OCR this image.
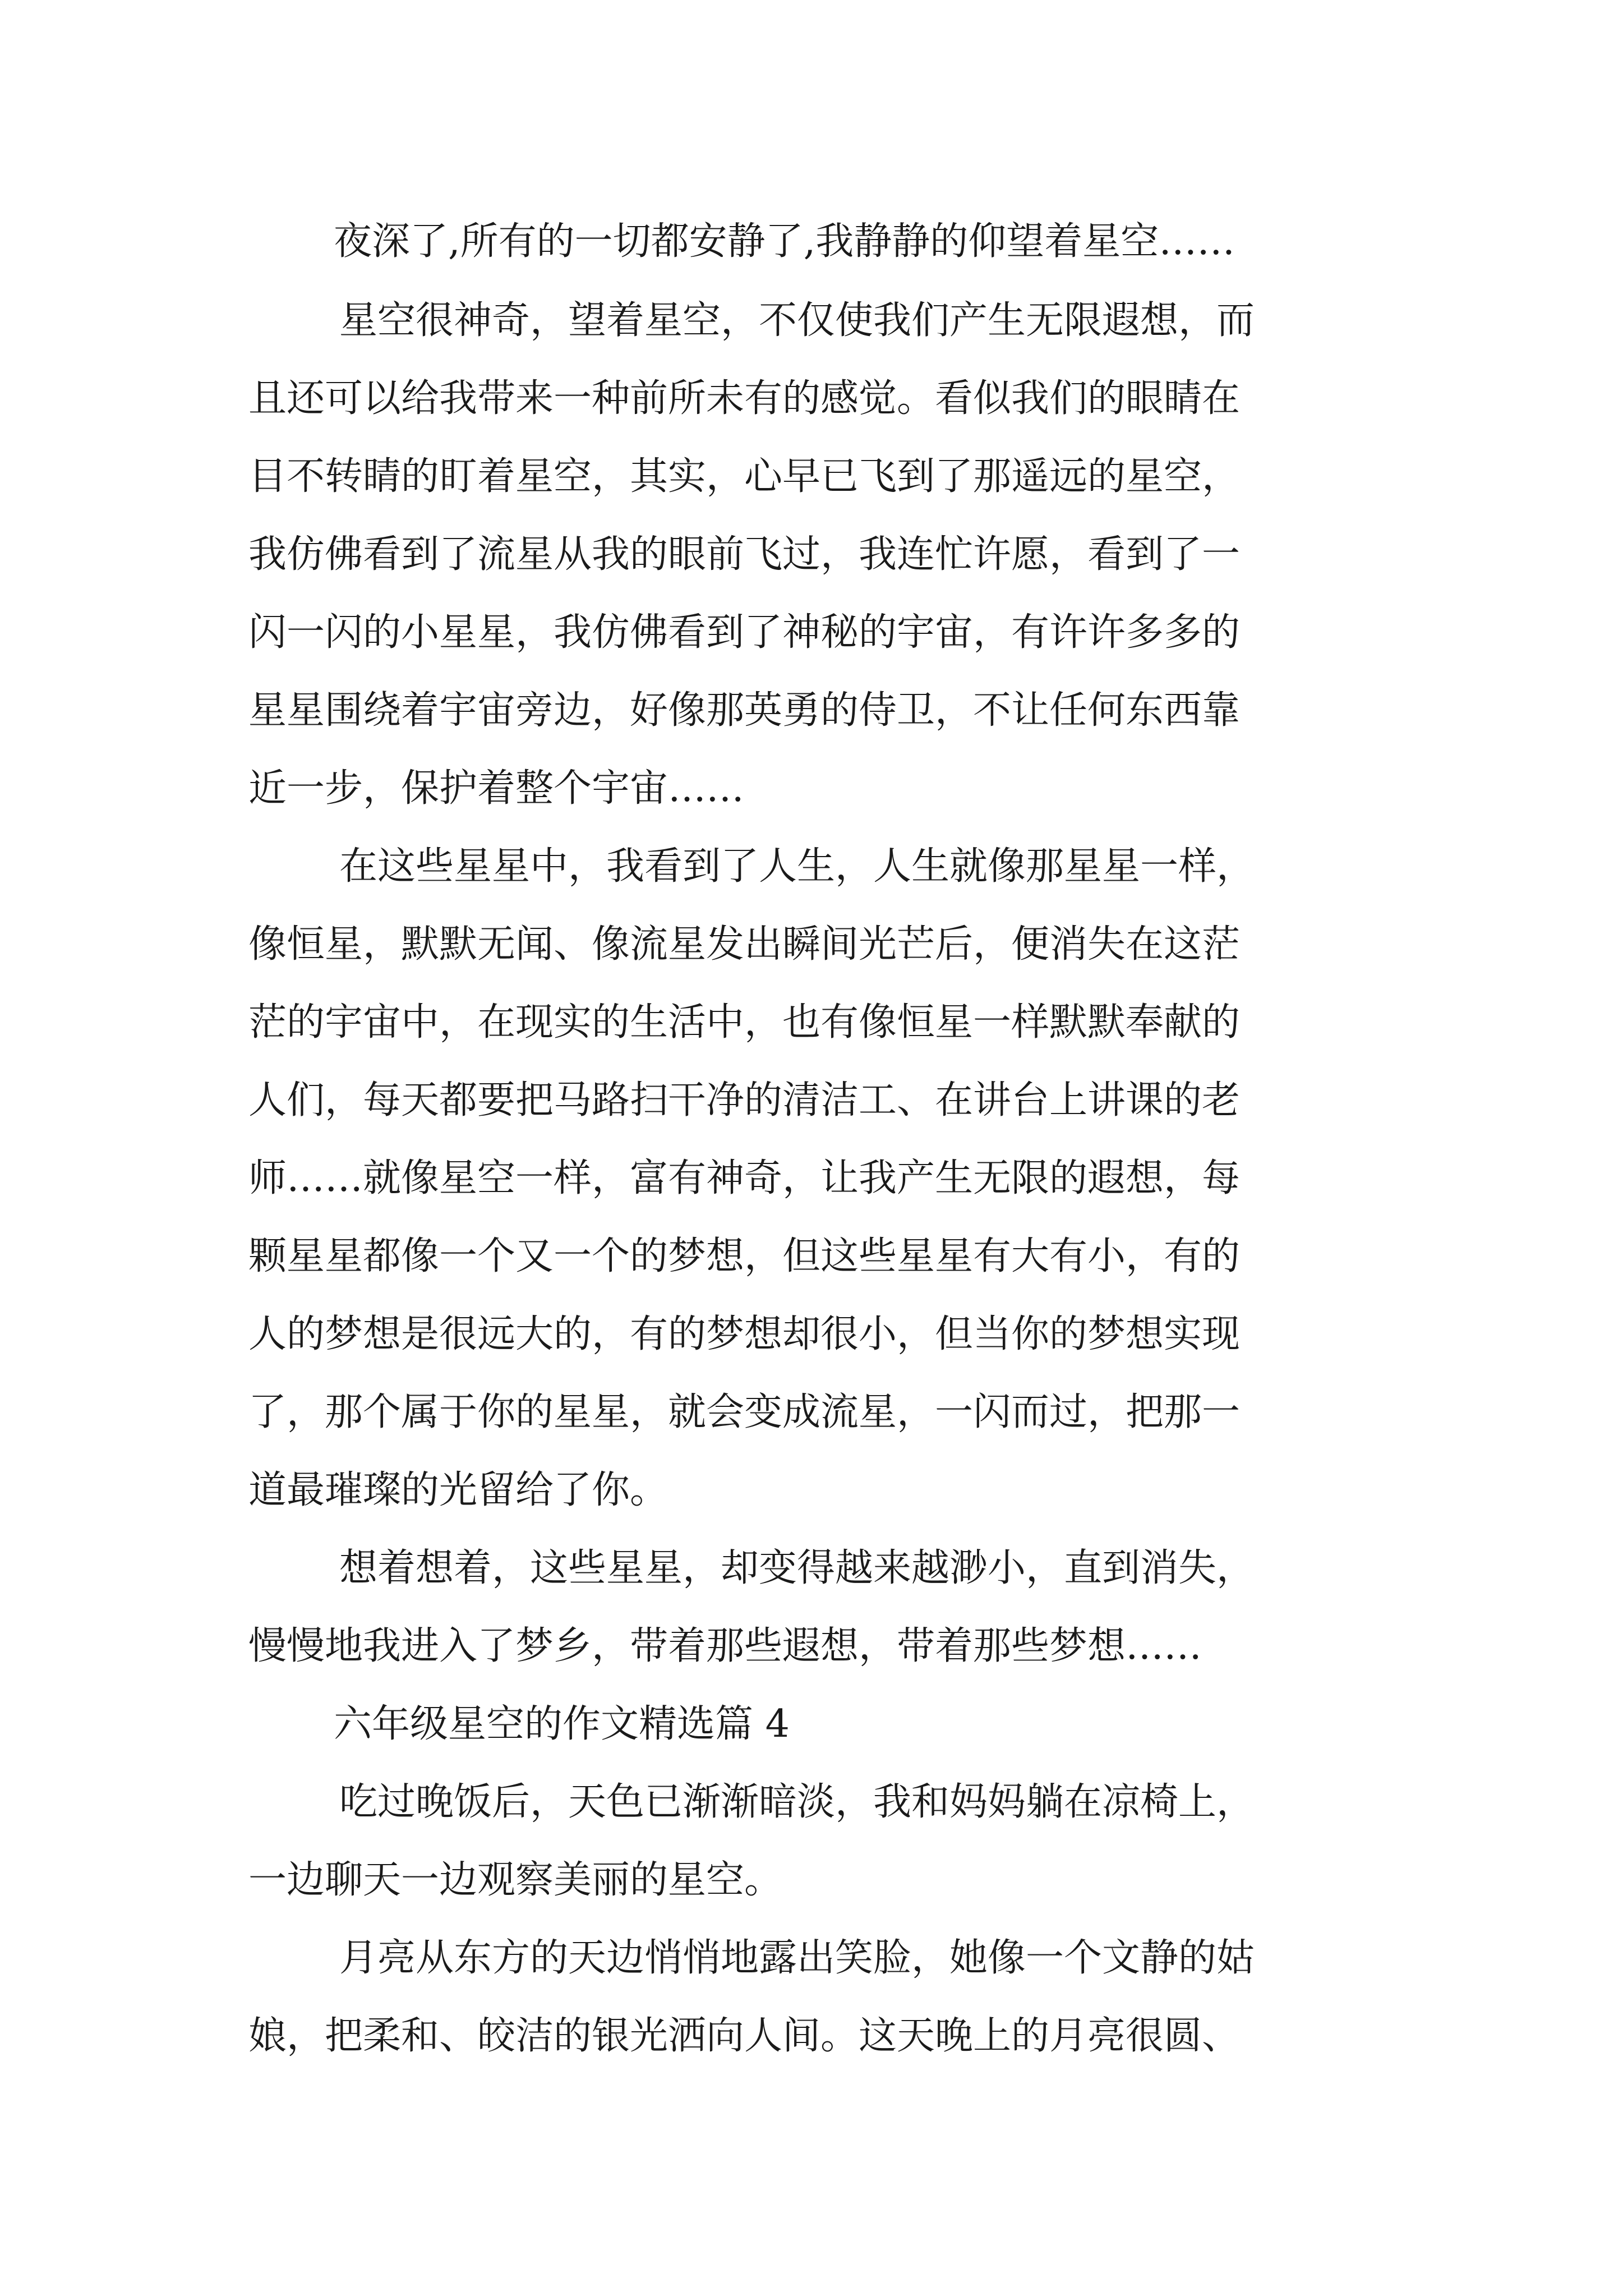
夜深了,所有的一切都安静了,我静静的仰望着星空……

星空很神奇，望着星空，不仅使我们产生无限遐想，而

且还可以给我带来一种前所未有的感觉。看似我们的眼睛在

目不转睛的盯着星空，其实，心早已飞到了那遥远的星空，

我仿佛看到了流星从我的眼前飞过，我连忙许愿，看到了一

闪一闪的小星星，我仿佛看到了神秘的宇宙，有许许多多的

星星围绕着宇宙旁边，好像那英勇的侍卫，不让任何东西靠

近一步，保护着整个宇宙……

在这些星星中，我看到了人生，人生就像那星星一样，

像恒星，默默无闻、像流星发出瞬间光芒后，便消失在这茫

茫的宇宙中，在现实的生活中，也有像恒星一样默默奉献的

人们，每天都要把马路扫干净的清洁工、在讲台上讲课的老

师……就像星空一样，富有神奇，让我产生无限的遐想，每

颗星星都像一个又一个的梦想，但这些星星有大有小，有的

人的梦想是很远大的，有的梦想却很小，但当你的梦想实现

了，那个属于你的星星，就会变成流星，一闪而过，把那一

道最璀璨的光留给了你。

想着想着，这些星星，却变得越来越渺小，直到消失，

慢慢地我进入了梦乡，带着那些遐想，带着那些梦想……

六年级星空的作文精选篇 4

吃过晚饭后，天色已渐渐暗淡，我和妈妈躺在凉椅上，

一边聊天一边观察美丽的星空。

月亮从东方的天边悄悄地露出笑脸，她像一个文静的姑

娘，把柔和、皎洁的银光洒向人间。这天晚上的月亮很圆、
